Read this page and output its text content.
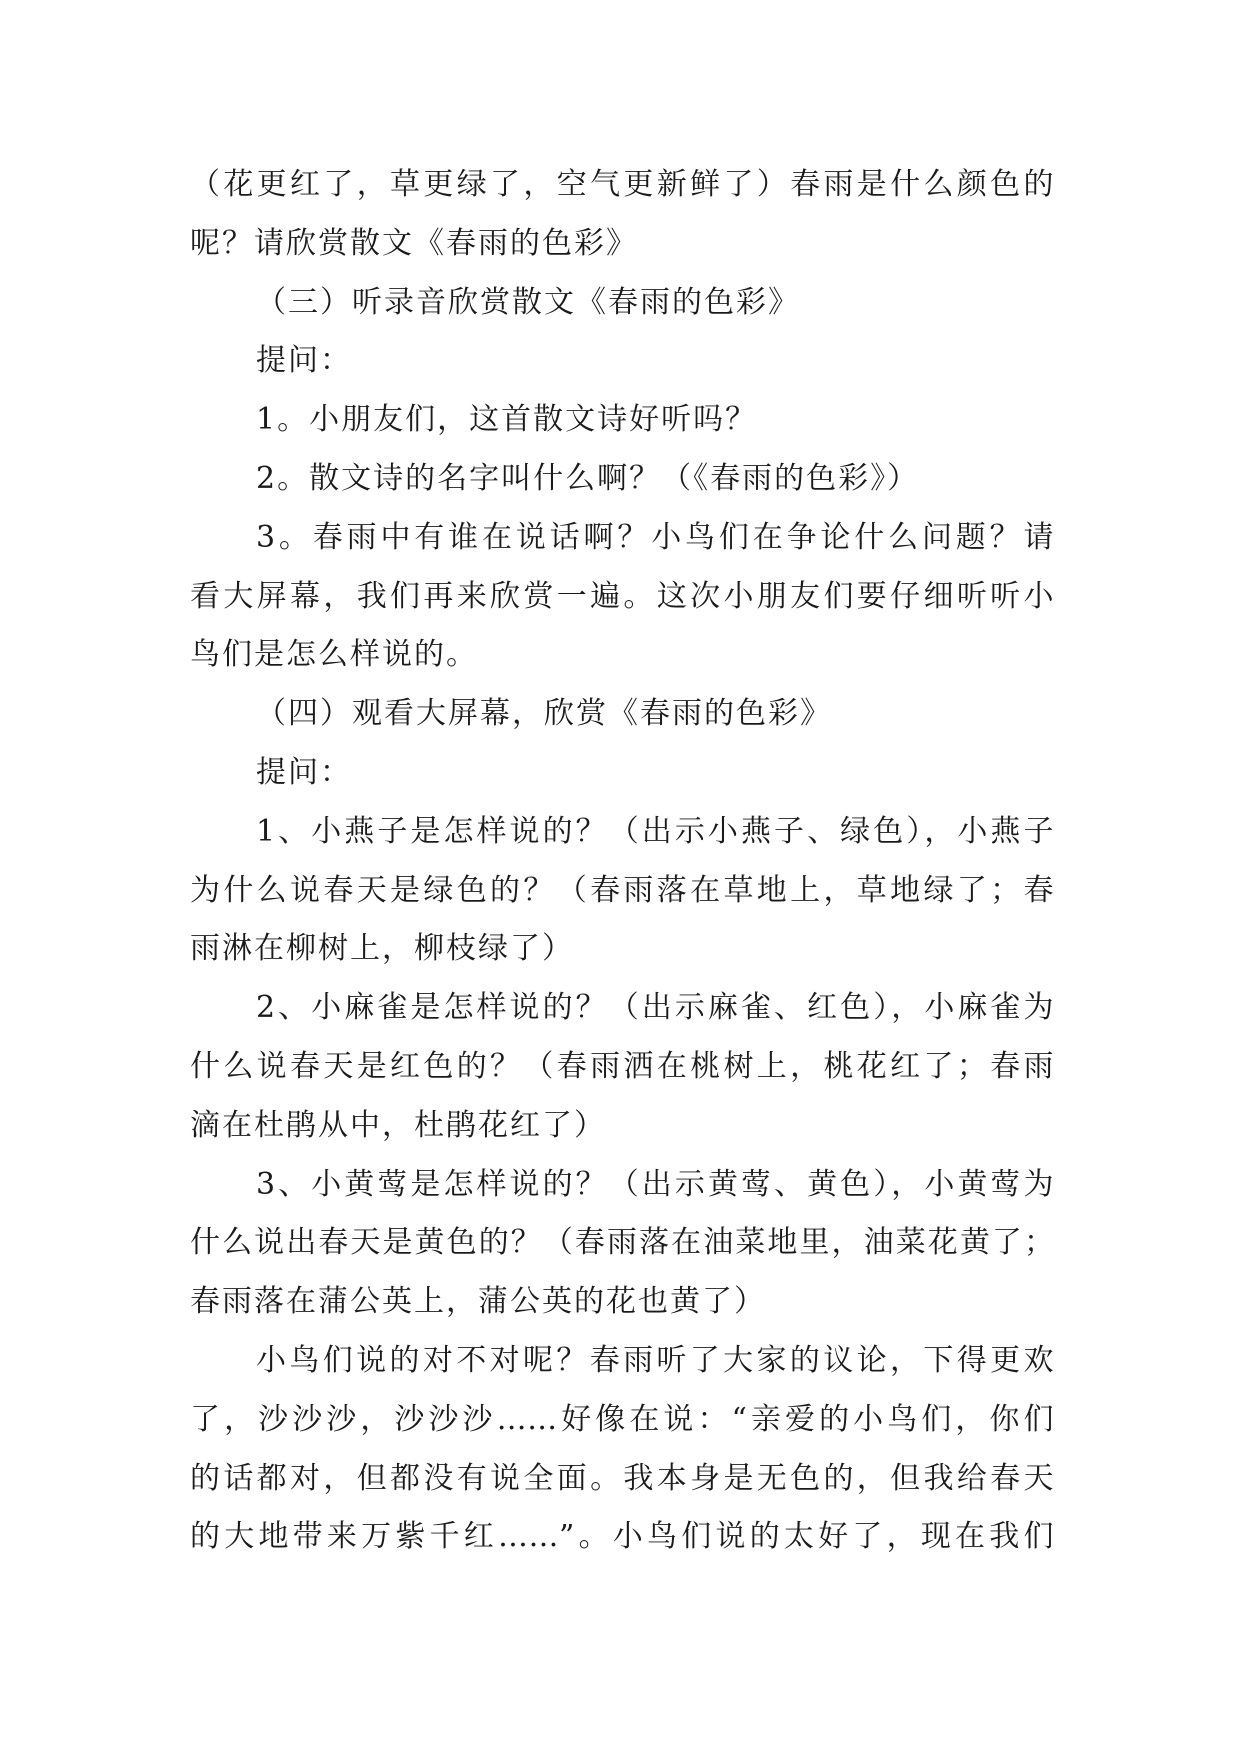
（花更红了，草更绿了，空气更新鲜了）春雨是什么颜色的
呢？请欣赏散文《春雨的色彩》
（三）听录音欣赏散文《春雨的色彩》
提问：
1。小朋友们，这首散文诗好听吗？
2。散文诗的名字叫什么啊？（《春雨的色彩》）
3。春雨中有谁在说话啊？小鸟们在争论什么问题？请
看大屏幕，我们再来欣赏一遍。这次小朋友们要仔细听听小
鸟们是怎么样说的。
（四）观看大屏幕，欣赏《春雨的色彩》
提问：
1、小燕子是怎样说的？（出示小燕子、绿色），小燕子
为什么说春天是绿色的？（春雨落在草地上，草地绿了；春
雨淋在柳树上，柳枝绿了）
2、小麻雀是怎样说的？（出示麻雀、红色），小麻雀为
什么说春天是红色的？（春雨洒在桃树上，桃花红了；春雨
滴在杜鹃从中，杜鹃花红了）
3、小黄莺是怎样说的？（出示黄莺、黄色），小黄莺为
什么说出春天是黄色的？（春雨落在油菜地里，油菜花黄了；
春雨落在蒲公英上，蒲公英的花也黄了）
小鸟们说的对不对呢？春雨听了大家的议论，下得更欢
了，沙沙沙，沙沙沙……好像在说：“亲爱的小鸟们，你们
的话都对，但都没有说全面。我本身是无色的，但我给春天
的大地带来万紫千红……”。小鸟们说的太好了，现在我们
